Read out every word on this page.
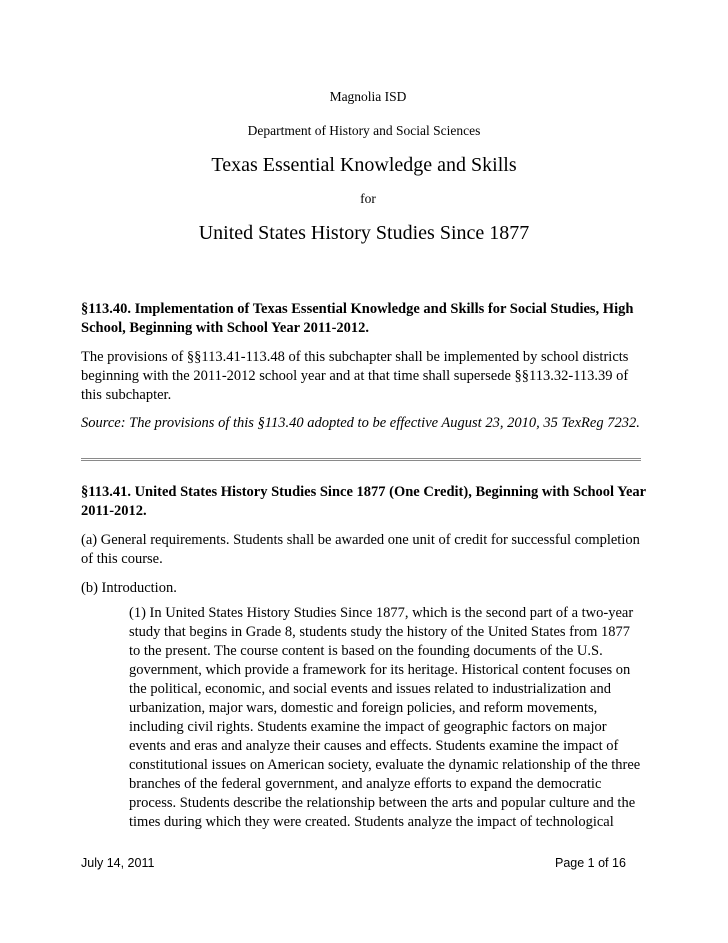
Magnolia ISD
Department of History and Social Sciences
Texas Essential Knowledge and Skills
for
United States History Studies Since 1877
§113.40. Implementation of Texas Essential Knowledge and Skills for Social Studies, High School, Beginning with School Year 2011-2012.
The provisions of §§113.41-113.48 of this subchapter shall be implemented by school districts beginning with the 2011-2012 school year and at that time shall supersede §§113.32-113.39 of this subchapter.
Source: The provisions of this §113.40 adopted to be effective August 23, 2010, 35 TexReg 7232.
§113.41. United States History Studies Since 1877 (One Credit), Beginning with School Year 2011-2012.
(a) General requirements. Students shall be awarded one unit of credit for successful completion of this course.
(b) Introduction.
(1) In United States History Studies Since 1877, which is the second part of a two-year study that begins in Grade 8, students study the history of the United States from 1877 to the present. The course content is based on the founding documents of the U.S. government, which provide a framework for its heritage. Historical content focuses on the political, economic, and social events and issues related to industrialization and urbanization, major wars, domestic and foreign policies, and reform movements, including civil rights. Students examine the impact of geographic factors on major events and eras and analyze their causes and effects. Students examine the impact of constitutional issues on American society, evaluate the dynamic relationship of the three branches of the federal government, and analyze efforts to expand the democratic process. Students describe the relationship between the arts and popular culture and the times during which they were created. Students analyze the impact of technological
July 14, 2011	Page 1 of 16
